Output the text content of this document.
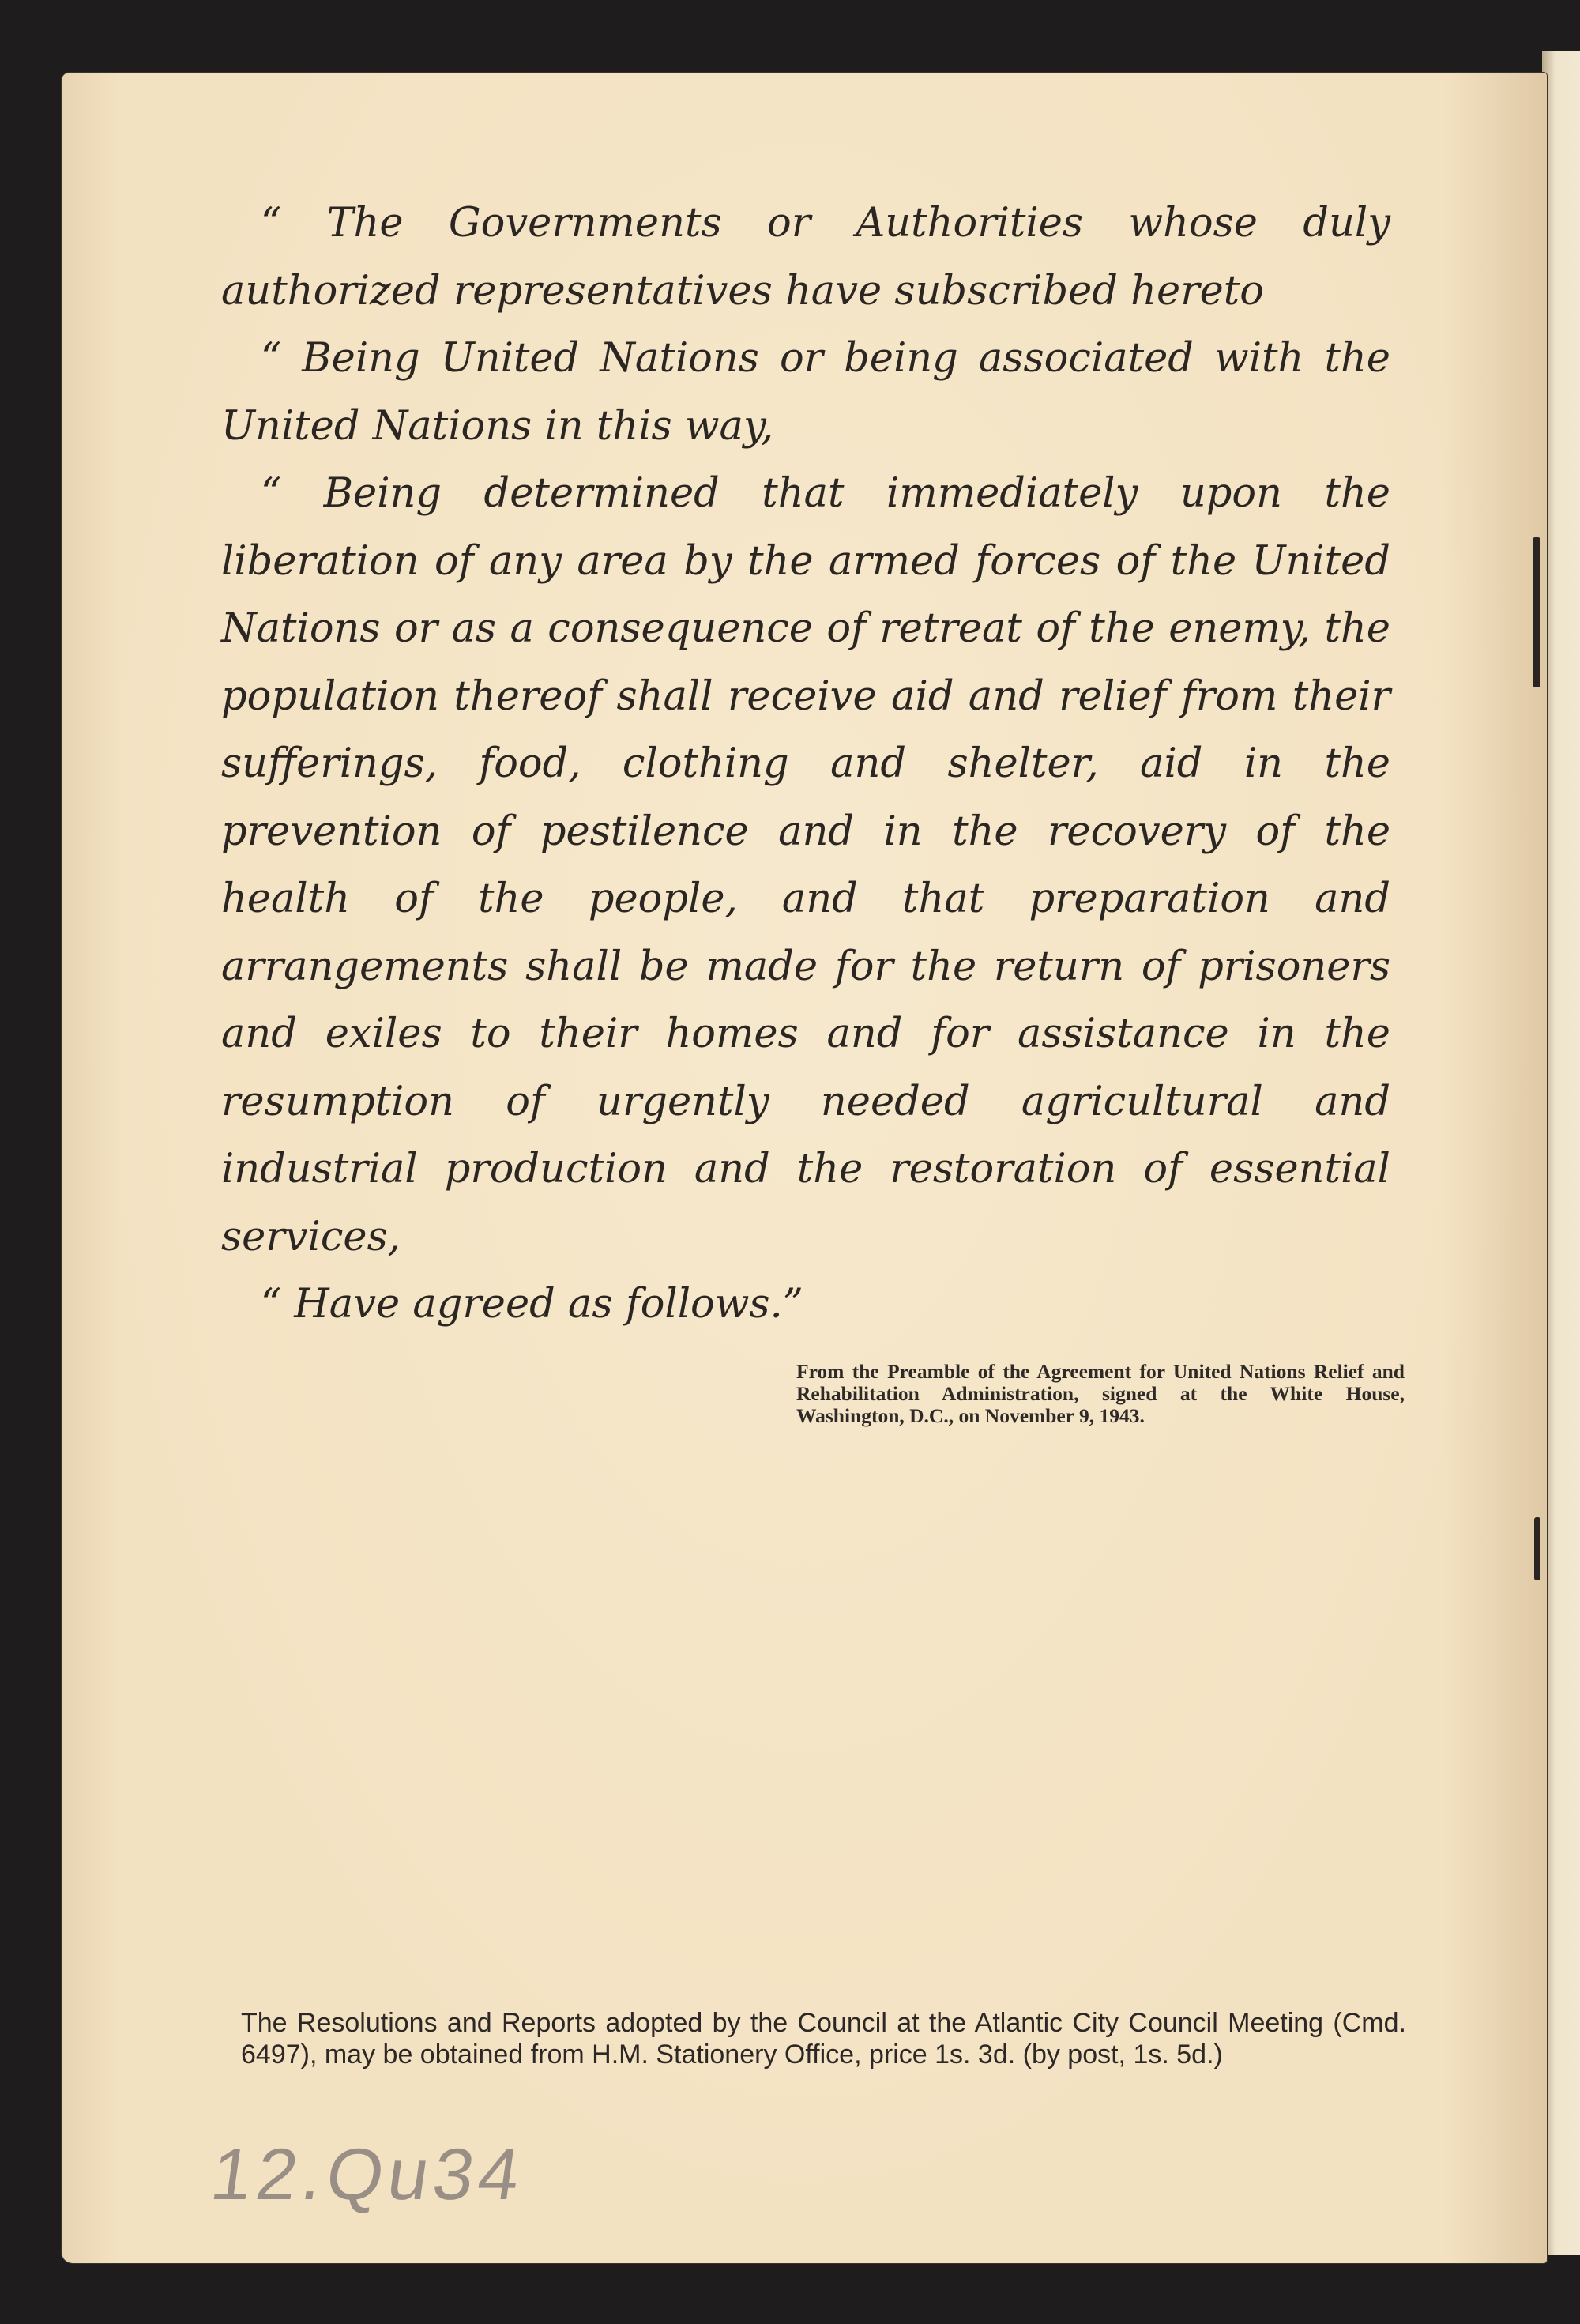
“ The Governments or Authorities whose duly authorized representatives have subscribed hereto

“ Being United Nations or being associated with the United Nations in this way,

“ Being determined that immediately upon the liberation of any area by the armed forces of the United Nations or as a consequence of retreat of the enemy, the population thereof shall receive aid and relief from their sufferings, food, clothing and shelter, aid in the prevention of pestilence and in the recovery of the health of the people, and that preparation and arrangements shall be made for the return of prisoners and exiles to their homes and for assistance in the resumption of urgently needed agricultural and industrial production and the restoration of essential services,

“ Have agreed as follows.”

From the Preamble of the Agreement for United Nations Relief and Rehabilitation Administration, signed at the White House, Washington, D.C., on November 9, 1943.
The Resolutions and Reports adopted by the Council at the Atlantic City Council Meeting (Cmd. 6497), may be obtained from H.M. Stationery Office, price 1s. 3d. (by post, 1s. 5d.)
12.Qu34
